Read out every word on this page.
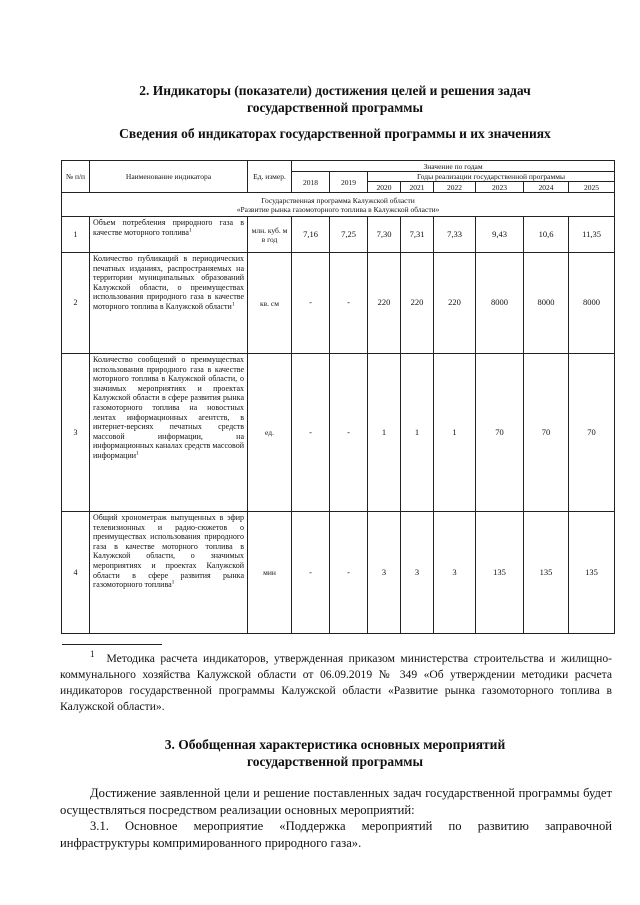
2. Индикаторы (показатели) достижения целей и решения задач
государственной программы
Сведения об индикаторах государственной программы и их значениях
№ п/п	Наименование индикатора	Ед. измер.	Значение по годам							
			2018	2019	Годы реализации государственной программы					
					2020	2021	2022	2023	2024	2025

Государственная программа Калужской области
«Развитие рынка газомоторного топлива в Калужской области»										

1	Объем потребления природного газа в качестве моторного топлива$^1$	млн. куб. м в год	7,16	7,25	7,30	7,31	7,33	9,43	10,6	11,35
2	Количество публикаций в периодических печатных изданиях, распространяемых на территории муниципальных образований Калужской области, о преимуществах использования природного газа в качестве моторного топлива в Калужской области$^1$	кв. см	-	-	220	220	220	8000	8000	8000
3	Количество сообщений о преимуществах использования природного газа в качестве моторного топлива в Калужской области, о значимых мероприятиях и проектах Калужской области в сфере развития рынка газомоторного топлива на новостных лентах информационных агентств, в интернет-версиях печатных средств массовой информации, на информационных каналах средств массовой информации$^1$	ед.	-	-	1	1	1	70	70	70
4	Общий хронометраж выпущенных в эфир телевизионных и радио-сюжетов о преимуществах использования природного газа в качестве моторного топлива в Калужской области, о значимых мероприятиях и проектах Калужской области в сфере развития рынка газомоторного топлива$^1$	мин	-	-	3	3	3	135	135	135
$^1$ Методика расчета индикаторов, утвержденная приказом министерства строительства и жилищно-коммунального хозяйства Калужской области от 06.09.2019 № 349 «Об утверждении методики расчета индикаторов государственной программы Калужской области «Развитие рынка газомоторного топлива в Калужской области».
3. Обобщенная характеристика основных мероприятий
государственной программы
Достижение заявленной цели и решение поставленных задач государственной программы будет осуществляться посредством реализации основных мероприятий:
3.1. Основное мероприятие «Поддержка мероприятий по развитию заправочной инфраструктуры компримированного природного газа».
